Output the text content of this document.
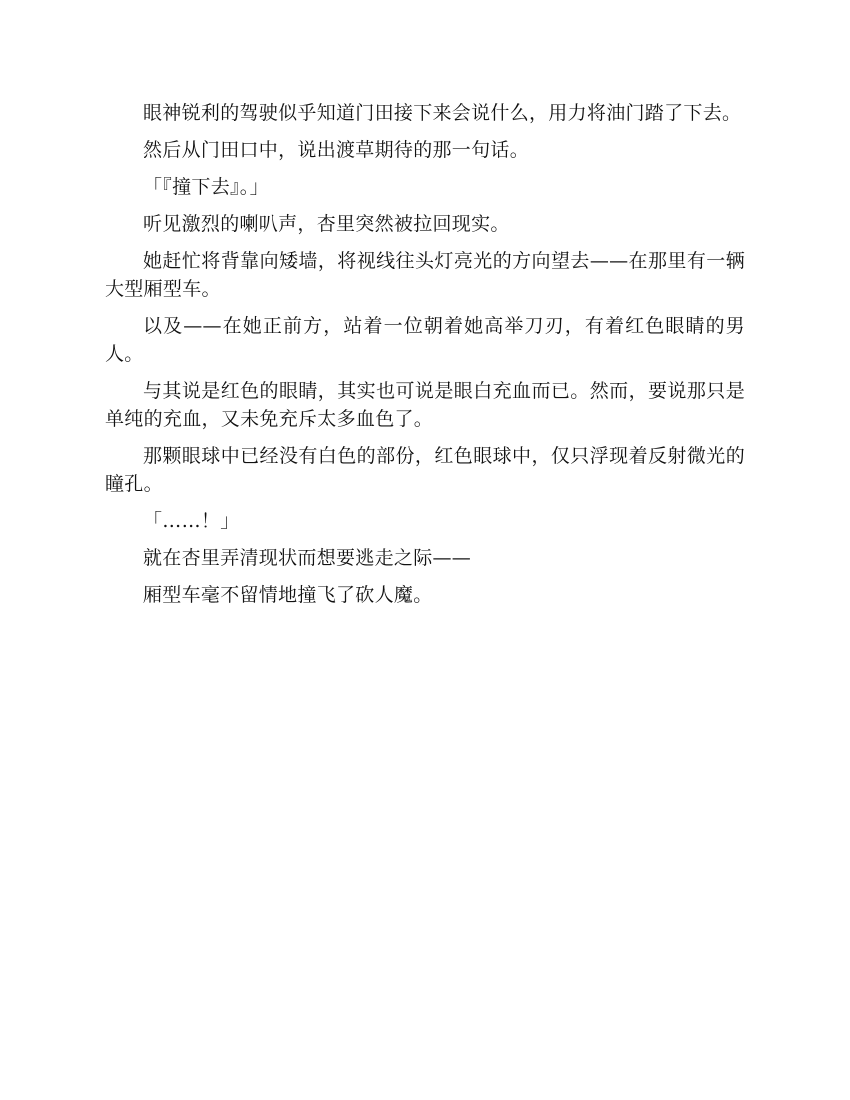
眼神锐利的驾驶似乎知道门田接下来会说什么，用力将油门踏了下去。

然后从门田口中，说出渡草期待的那一句话。

「『撞下去』。」

听见激烈的喇叭声，杏里突然被拉回现实。

她赶忙将背靠向矮墙，将视线往头灯亮光的方向望去——在那里有一辆大型厢型车。

以及——在她正前方，站着一位朝着她高举刀刃，有着红色眼睛的男人。

与其说是红色的眼睛，其实也可说是眼白充血而已。然而，要说那只是单纯的充血，又未免充斥太多血色了。

那颗眼球中已经没有白色的部份，红色眼球中，仅只浮现着反射微光的瞳孔。

「……！」

就在杏里弄清现状而想要逃走之际——

厢型车毫不留情地撞飞了砍人魔。
